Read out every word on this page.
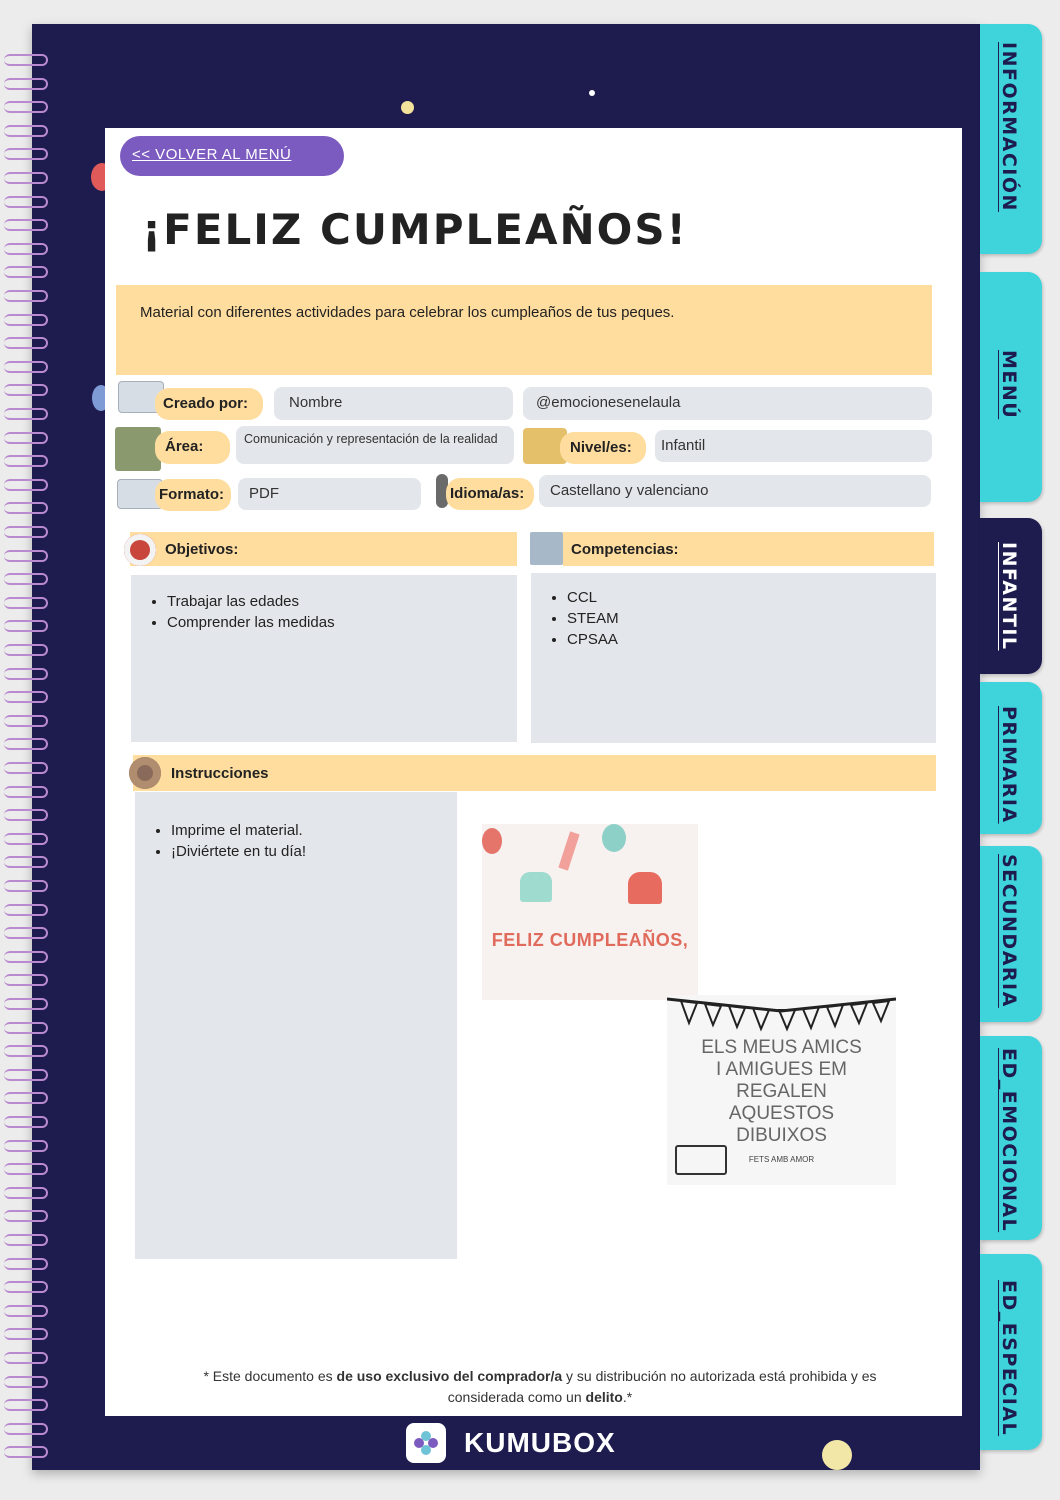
<< VOLVER AL MENÚ
¡FELIZ CUMPLEAÑOS!
Material con diferentes actividades para celebrar los cumpleaños de tus peques.
Creado por:	Nombre	@emocionesenelaula
Área:	Comunicación y representación de la realidad	Nivel/es:	Infantil
Formato:	PDF	Idioma/as:	Castellano y valenciano
Objetivos:
• Trabajar las edades
• Comprender las medidas
Competencias:
• CCL
• STEAM
• CPSAA
Instrucciones
• Imprime el material.
• ¡Diviértete en tu día!
FELIZ CUMPLEAÑOS,
ELS MEUS AMICS
I AMIGUES EM
REGALEN
AQUESTOS
DIBUIXOS
FETS AMB AMOR
* Este documento es de uso exclusivo del comprador/a y su distribución no autorizada está prohibida y es considerada como un delito.*
KUMUBOX
INFORMACIÓN
MENÚ
INFANTIL
PRIMARIA
SECUNDARIA
ED_EMOCIONAL
ED_ESPECIAL
